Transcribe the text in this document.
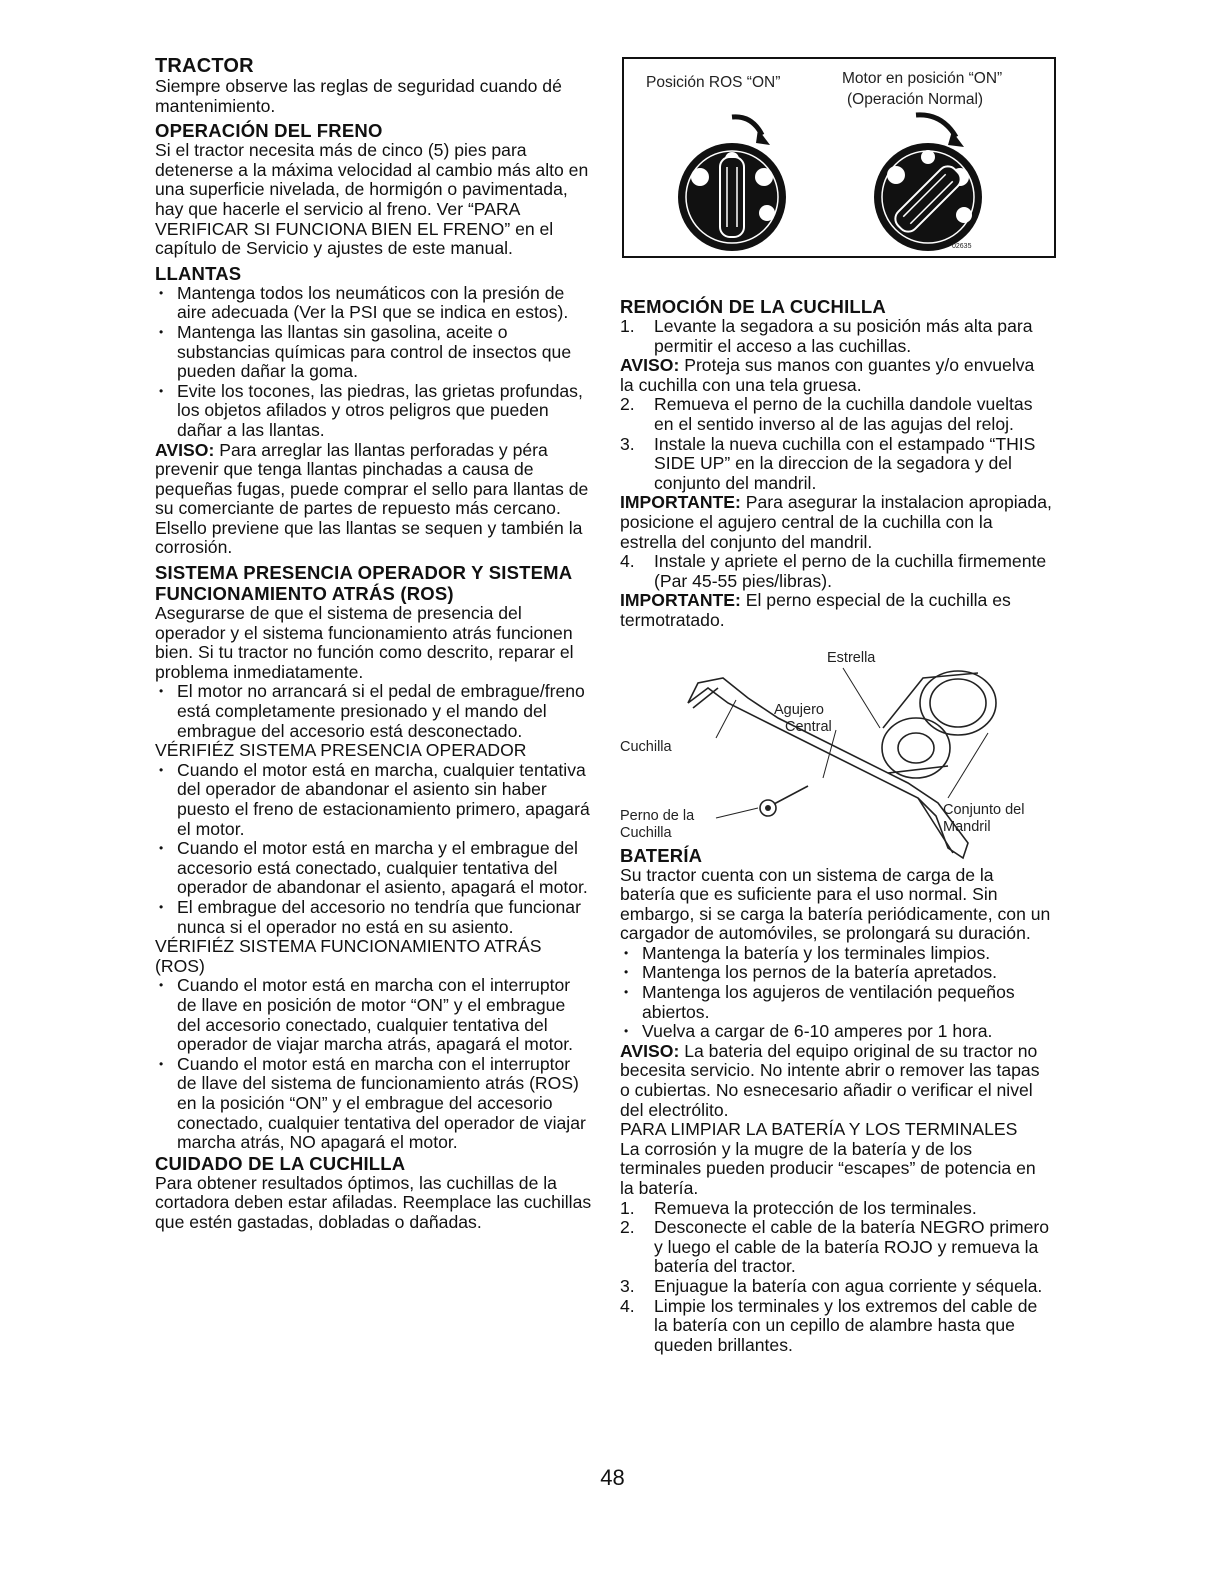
TRACTOR

Siempre observe las reglas de seguridad cuando dé mantenimiento.

OPERACIÓN DEL FRENO

Si el tractor necesita más de cinco (5) pies para detenerse a la máxima velocidad al cambio más alto en una superficie nivelada, de hormigón o pavimentada, hay que hacerle el servicio al freno. Ver “PARA VERIFICAR SI FUNCIONA BIEN EL FRENO” en el capítulo de Servicio y ajustes de este manual.

LLANTAS
• Mantenga todos los neumáticos con la presión de aire adecuada (Ver la PSI que se indica en estos).
• Mantenga las llantas sin gasolina, aceite o substancias químicas para control de insectos que pueden dañar la goma.
• Evite los tocones, las piedras, las grietas profundas, los objetos afilados y otros peligros que pueden dañar a las llantas.

AVISO: Para arreglar las llantas perforadas y péra prevenir que tenga llantas pinchadas a causa de pequeñas fugas, puede comprar el sello para llantas de su comerciante de partes de repuesto más cercano. Elsello previene que las llantas se sequen y también la corrosión.

SISTEMA PRESENCIA OPERADOR Y SISTEMA FUNCIONAMIENTO ATRÁS (ROS)

Asegurarse de que el sistema de presencia del operador y el sistema funcionamiento atrás funcionen bien. Si tu tractor no función como descrito, reparar el problema inmediatamente.

• El motor no arrancará si el pedal de embrague/freno está completamente presionado y el mando del embrague del accesorio está desconectado.

VÉRIFIÉZ SISTEMA PRESENCIA OPERADOR

• Cuando el motor está en marcha, cualquier tentativa del operador de abandonar el asiento sin haber puesto el freno de estacionamiento primero, apagará el motor.
• Cuando el motor está en marcha y el embrague del accesorio está conectado, cualquier tentativa del operador de abandonar el asiento, apagará el motor.
• El embrague del accesorio no tendría que funcionar nunca si el operador no está en su asiento.

VÉRIFIÉZ SISTEMA FUNCIONAMIENTO ATRÁS (ROS)

• Cuando el motor está en marcha con el interruptor de llave en posición de motor “ON” y el embrague del accesorio conectado, cualquier tentativa del operador de viajar marcha atrás, apagará el motor.
• Cuando el motor está en marcha con el interruptor de llave del sistema de funcionamiento atrás (ROS) en la posición “ON” y el embrague del accesorio conectado, cualquier tentativa del operador de viajar marcha atrás, NO apagará el motor.
CUIDADO DE LA CUCHILLA

Para obtener resultados óptimos, las cuchillas de la cortadora deben estar afiladas. Reemplace las cuchillas que estén gastadas, dobladas o dañadas.

Posición ROS “ON”	Motor en posición “ON”
(Operación Normal)
02635
REMOCIÓN DE LA CUCHILLA
1. Levante la segadora a su posición más alta para permitir el acceso a las cuchillas.

AVISO: Proteja sus manos con guantes y/o envuelva la cuchilla con una tela gruesa.

2. Remueva el perno de la cuchilla dandole vueltas en el sentido inverso al de las agujas del reloj.
3. Instale la nueva cuchilla con el estampado “THIS SIDE UP” en la direccion de la segadora y del conjunto del mandril.

IMPORTANTE: Para asegurar la instalacion apropiada, posicione el agujero central de la cuchilla con la estrella del conjunto del mandril.

4. Instale y apriete el perno de la cuchilla firmemente (Par 45-55 pies/libras).

IMPORTANTE: El perno especial de la cuchilla es termotratado.

BATERÍA

Su tractor cuenta con un sistema de carga de la batería que es suficiente para el uso normal. Sin embargo, si se carga la batería periódicamente, con un cargador de automóviles, se prolongará su duración.

• Mantenga la batería y los terminales limpios.
• Mantenga los pernos de la batería apretados.
• Mantenga los agujeros de ventilación pequeños abiertos.
• Vuelva a cargar de 6-10 amperes por 1 hora.

AVISO: La bateria del equipo original de su tractor no becesita servicio. No intente abrir o remover las tapas o cubiertas. No esnecesario añadir o verificar el nivel del electrólito.

PARA LIMPIAR LA BATERÍA Y LOS TERMINALES

La corrosión y la mugre de la batería y de los terminales pueden producir “escapes” de potencia en la batería.

1. Remueva la protección de los terminales.
2. Desconecte el cable de la batería NEGRO primero y luego el cable de la batería ROJO y remueva la batería del tractor.
3. Enjuague la batería con agua corriente y séquela.
4. Limpie los terminales y los extremos del cable de la batería con un cepillo de alambre hasta que queden brillantes.
Estrella
Agujero
Central
Cuchilla
Perno de la
Cuchilla
Conjunto del
Mandril
48
